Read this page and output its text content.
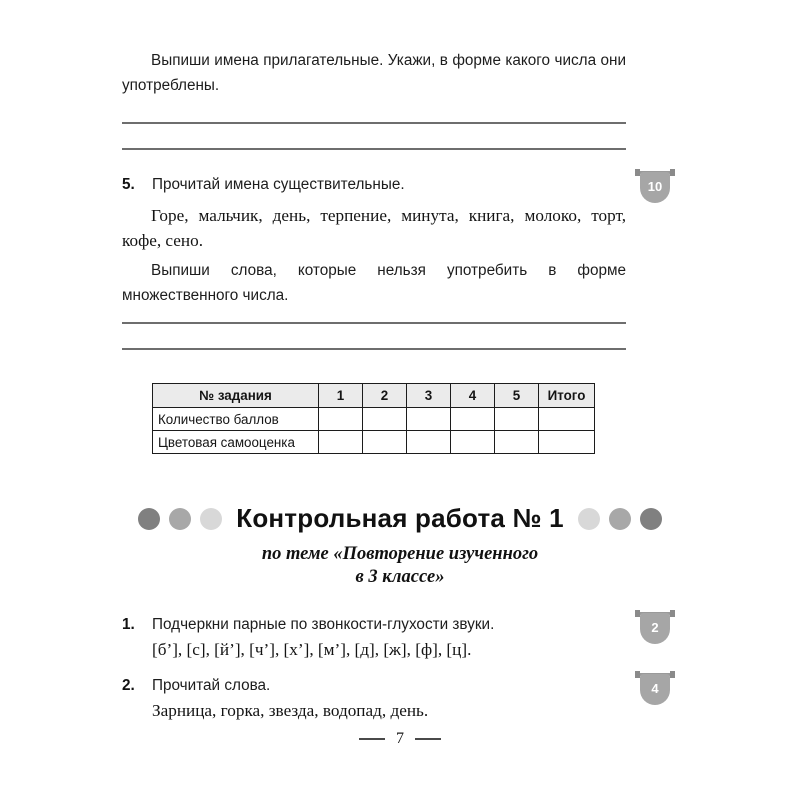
Выпиши имена прилагательные. Укажи, в форме какого числа они употреблены.

5.	Прочитай имена существительные.

Горе, мальчик, день, терпение, минута, книга, молоко, торт, кофе, сено.

Выпиши слова, которые нельзя употребить в форме множественного числа.

10
№ задания	1	2	3	4	5	Итого
Количество баллов						
Цветовая самооценка						
Контрольная работа № 1
по теме «Повторение изученного
в 3 классе»
1.	Подчеркни парные по звонкости-глухости звуки.

[б’], [с], [й’], [ч’], [х’], [м’], [д], [ж], [ф], [ц].

2
2.	Прочитай слова.

Зарница, горка, звезда, водопад, день.

4
7
